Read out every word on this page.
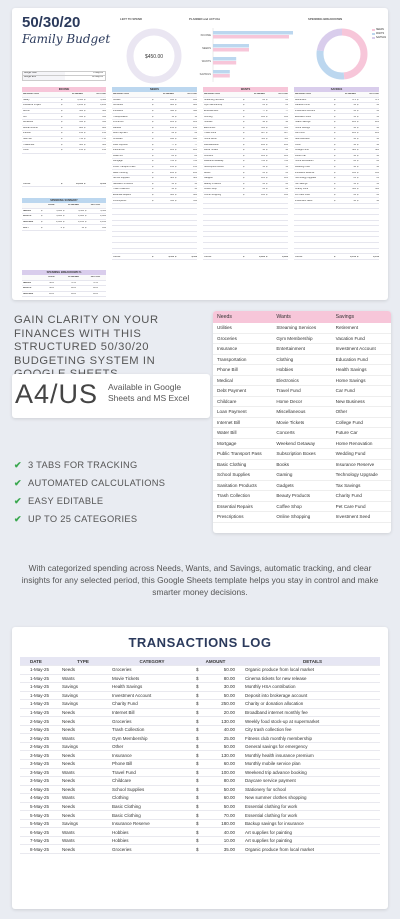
50/30/20
Family Budget
Budget Start	1-May-25
Budget End	31-May-25
LEFT TO SPEND
$450.00
PLANNED and ACTUAL
INCOME
NEEDS
WANTS
SAVINGS
SPENDING BREAKDOWN
NEEDS
WANTS
SAVINGS
INCOME
DESCRIPTION	PLANNED	ACTUAL
Salary	$	3,500 $	3,500
Freelance Project	$	1,200 $	1,200
Bonus	$	500 $	500
Gift	$	350 $	350
Dividends	$	350 $	350
Rental Income	$	800 $	800
Interest	$	150 $	150
Side Job	$	750 $	750
Tradeshow	$	300 $	300
Other	$	150 $	150
TOTAL	$	10,000 $	9,500
SPENDING SUMMARY
GOAL	PLANNED	ACTUAL
NEEDS	$	5,000 $	4,500 $	4,500
WANTS	$	3,000 $	2,900 $	2,900
SAVINGS	$	2,000 $	2,100 $	2,100
LEFT	$	0 $	11 $	450
SPENDING BREAKDOWN %
RULE	PLANNED	ACTUAL
NEEDS	50%	47%	47%
WANTS	30%	28%	28%
SAVINGS	20%	22%	22%
NEEDS
DESCRIPTION	PLANNED	ACTUAL
Utilities	$	450 $	450
Groceries	$	480 $	480
Insurance	$	390 $	390
Transportation	$	11 $	11
Phone Bill	$	120 $	120
Medical	$	250 $	250
Debt Payment	$	66 $	66
Childcare	$	440 $	440
Loan Payment	$	77 $	77
Internet Bill	$	120 $	120
Water Bill	$	80 $	80
Mortgage	$	700 $	700
Public Transport Pass	$	145 $	145
Basic Clothing	$	200 $	200
School Supplies	$	320 $	320
Sanitation Products	$	50 $	50
Trash Collection	$	50 $	50
Essential Repairs	$	600 $	600
Prescriptions	$	350 $	350
TOTAL	$	4,500 $	4,500
WANTS
DESCRIPTION	PLANNED	ACTUAL
Streaming Services	$	80 $	80
Gym Membership	$	25 $	25
Entertainment	$	77 $	77
Clothing	$	180 $	180
Hobbies	$	40 $	40
Electronics	$	335 $	335
Travel Fund	$	407 $	407
Home Decor	$	115 $	115
Miscellaneous	$	200 $	200
Movie Tickets	$	40 $	40
Concerts	$	120 $	120
Weekend Getaway	$	700 $	700
Subscription Boxes	$	50 $	50
Books	$	65 $	65
Gadgets	$	185 $	185
Beauty Products	$	60 $	60
Coffee Shop	$	26 $	26
Online Shopping	$	100 $	100
TOTAL	$	2,900 $	2,900
SAVINGS
DESCRIPTION	PLANNED	ACTUAL
Retirement	$	375 $	375
Vacation Fund	$	30 $	30
Investment Account	$	30 $	30
Education Fund	$	50 $	50
Health Savings	$	220 $	220
Home Savings	$	40 $	40
Car Fund	$	220 $	220
New Business	$	40 $	40
Other	$	40 $	40
College Fund	$	320 $	320
Future Car	$	40 $	40
Home Renovation	$	20 $	20
Wedding Fund	$	40 $	40
Insurance Reserve	$	180 $	180
Technology Upgrade	$	25 $	25
Tax Savings	$	30 $	30
Charity Fund	$	300 $	300
Pet Care Fund	$	60 $	60
Investment Seed	$	40 $	40
TOTAL	$	2,100 $	2,100
GAIN CLARITY ON YOUR FINANCES WITH THIS STRUCTURED 50/30/20 BUDGETING SYSTEM IN
A4/US Available in Google Sheets and MS Excel
✔ 3 TABS FOR TRACKING
✔ AUTOMATED CALCULATIONS
✔ EASY EDITABLE
✔ UP TO 25 CATEGORIES
Needs	Wants	Savings
Utilities	Streaming Services	Retirement
Groceries	Gym Membership	Vacation Fund
Insurance	Entertainment	Investment Account
Transportation	Clothing	Education Fund
Phone Bill	Hobbies	Health Savings
Medical	Electronics	Home Savings
Debt Payment	Travel Fund	Car Fund
Childcare	Home Decor	New Business
Loan Payment	Miscellaneous	Other
Internet Bill	Movie Tickets	College Fund
Water Bill	Concerts	Future Car
Mortgage	Weekend Getaway	Home Renovation
Public Transport Pass	Subscription Boxes	Wedding Fund
Basic Clothing	Books	Insurance Reserve
School Supplies	Gaming	Technology Upgrade
Sanitation Products	Gadgets	Tax Savings
Trash Collection	Beauty Products	Charity Fund
Essential Repairs	Coffee Shop	Pet Care Fund
Prescriptions	Online Shopping	Investment Seed
With categorized spending across Needs, Wants, and Savings, automatic tracking, and clear insights for any selected period, this Google Sheets template helps you stay in control and make smarter money decisions.
TRANSACTIONS LOG
DATE	TYPE	CATEGORY	AMOUNT	DETAILS
1-May-25	Needs	Groceries	$	50.00	Organic produce from local market
1-May-25	Wants	Movie Tickets	$	80.00	Cinema tickets for new release
1-May-25	Savings	Health Savings	$	30.00	Monthly HSA contribution
1-May-25	Savings	Investment Account	$	50.00	Deposit into brokerage account
1-May-25	Savings	Charity Fund	$	250.00	Charity or donation allocation
1-May-25	Needs	Internet Bill	$	20.00	Broadband internet monthly fee
2-May-25	Needs	Groceries	$	130.00	Weekly food stock-up at supermarket
2-May-25	Needs	Trash Collection	$	40.00	City trash collection fee
2-May-25	Wants	Gym Membership	$	25.00	Fitness club monthly membership
2-May-25	Savings	Other	$	50.00	General savings for emergency
3-May-25	Needs	Insurance	$	130.00	Monthly health insurance premium
3-May-25	Needs	Phone Bill	$	60.00	Monthly mobile service plan
3-May-25	Wants	Travel Fund	$	100.00	Weekend trip advance booking
3-May-25	Needs	Childcare	$	80.00	Daycare service payment
4-May-25	Needs	School Supplies	$	50.00	Stationery for school
4-May-25	Wants	Clothing	$	60.00	New summer clothes shopping
5-May-25	Needs	Basic Clothing	$	50.00	Essential clothing for work
5-May-25	Needs	Basic Clothing	$	70.00	Essential clothing for work
5-May-25	Savings	Insurance Reserve	$	180.00	Backup savings for insurance
6-May-25	Wants	Hobbies	$	40.00	Art supplies for painting
7-May-25	Wants	Hobbies	$	10.00	Art supplies for painting
8-May-25	Needs	Groceries	$	35.00	Organic produce from local market
